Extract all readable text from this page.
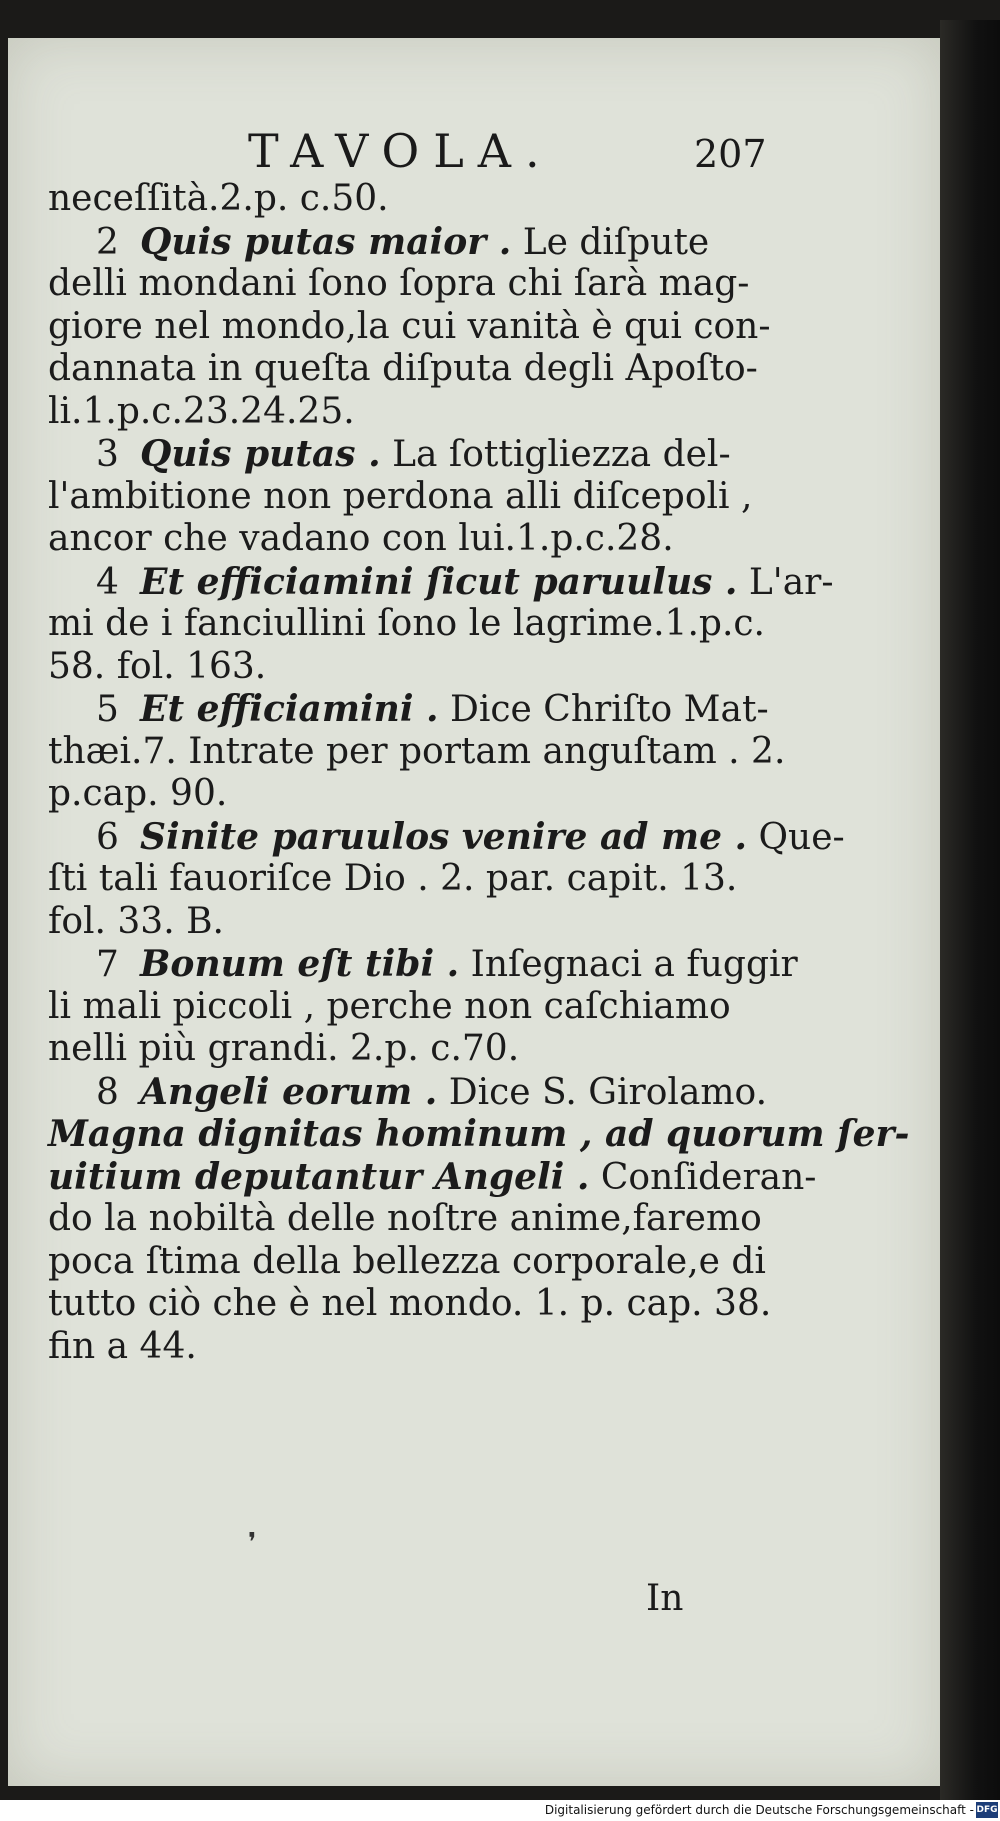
TAVOLA.	207
neceſſità.2.p. c.50.
2 Quis putas maior . Le diſpute
delli mondani ſono ſopra chi ſarà mag-
giore nel mondo,la cui vanità è qui con-
dannata in queſta diſputa degli Apoſto-
li.1.p.c.23.24.25.
3 Quis putas . La ſottigliezza del-
l'ambitione non perdona alli diſcepoli ,
ancor che vadano con lui.1.p.c.28.
4 Et efficiamini ſicut paruulus . L'ar-
mi de i fanciullini ſono le lagrime.1.p.c.
58. fol. 163.
5 Et efficiamini . Dice Chriſto Mat-
thæi.7. Intrate per portam anguſtam . 2.
p.cap. 90.
6 Sinite paruulos venire ad me . Que-
ſti tali fauoriſce Dio . 2. par. capit. 13.
fol. 33. B.
7 Bonum eſt tibi . Inſegnaci a fuggir
li mali piccoli , perche non caſchiamo
nelli più grandi. 2.p. c.70.
8 Angeli eorum . Dice S. Girolamo.
Magna dignitas hominum , ad quorum ſer-
uitium deputantur Angeli . Conſideran-
do la nobiltà delle noſtre anime,faremo
poca ſtima della bellezza corporale,e di
tutto ciò che è nel mondo. 1. p. cap. 38.
fin a 44.
❜
In
Digitalisierung gefördert durch die Deutsche Forschungsgemeinschaft - DFG
